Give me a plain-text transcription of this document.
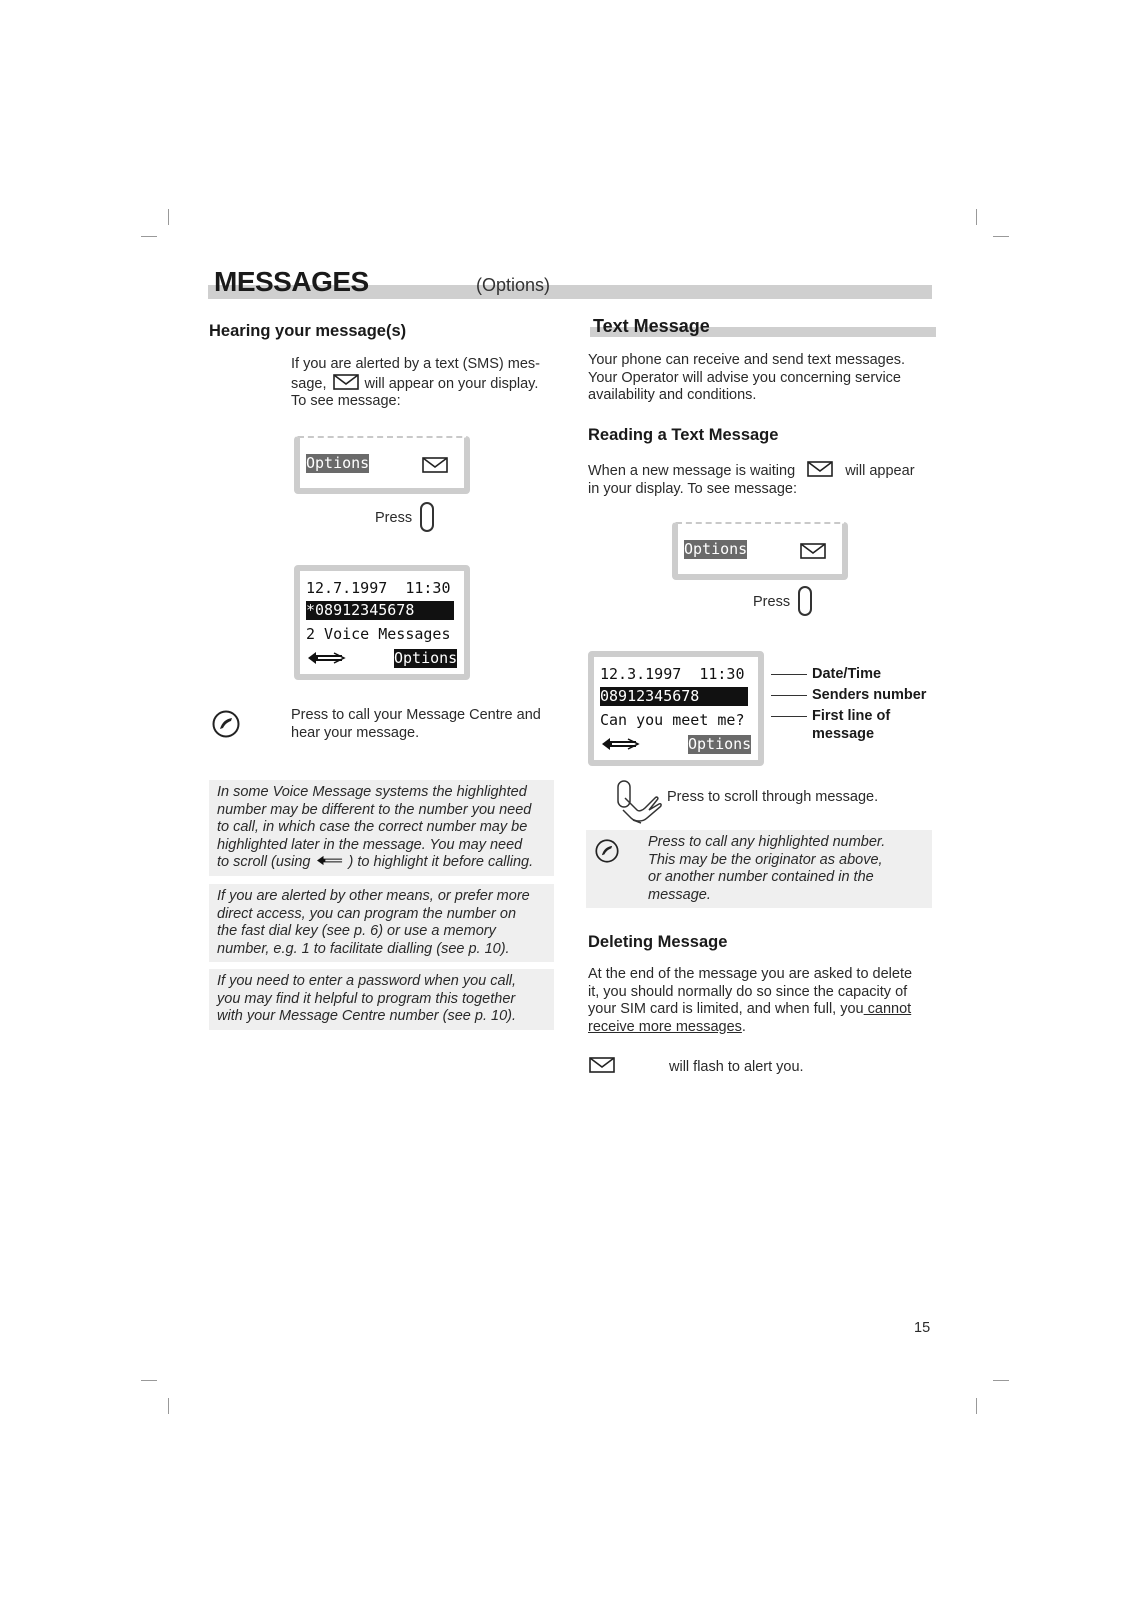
MESSAGES	(Options)
Hearing your message(s)
If you are alerted by a text (SMS) mes-
sage,	will appear on your display.
To see message:
Options
Press
12.7.1997  11:30
*08912345678
2 Voice Messages
Options
Press to call your Message Centre and
hear your message.
In some Voice Message systems the highlighted
number may be different to the number you need
to call, in which case the correct number may be
highlighted later in the message. You may need
to scroll (using	) to highlight it before calling.
If you are alerted by other means, or prefer more
direct access, you can program the number on
the fast dial key (see p. 6) or use a memory
number, e.g. 1 to facilitate dialling (see p. 10).
If you need to enter a password when you call,
you may find it helpful to program this together
with your Message Centre number (see p. 10).
Text Message
Your phone can receive and send text messages.
Your Operator will advise you concerning service
availability and conditions.
Reading a Text Message
When a new message is waiting	will appear
in your display. To see message:
Options
Press
12.3.1997  11:30
08912345678
Can you meet me?
Options
Date/Time
Senders number
First line of
message
Press to scroll through message.
Press to call any highlighted number.
This may be the originator as above,
or another number contained in the
message.
Deleting Message
At the end of the message you are asked to delete
it, you should normally do so since the capacity of
your SIM card is limited, and when full, you cannot
receive more messages.
will flash to alert you.
15
